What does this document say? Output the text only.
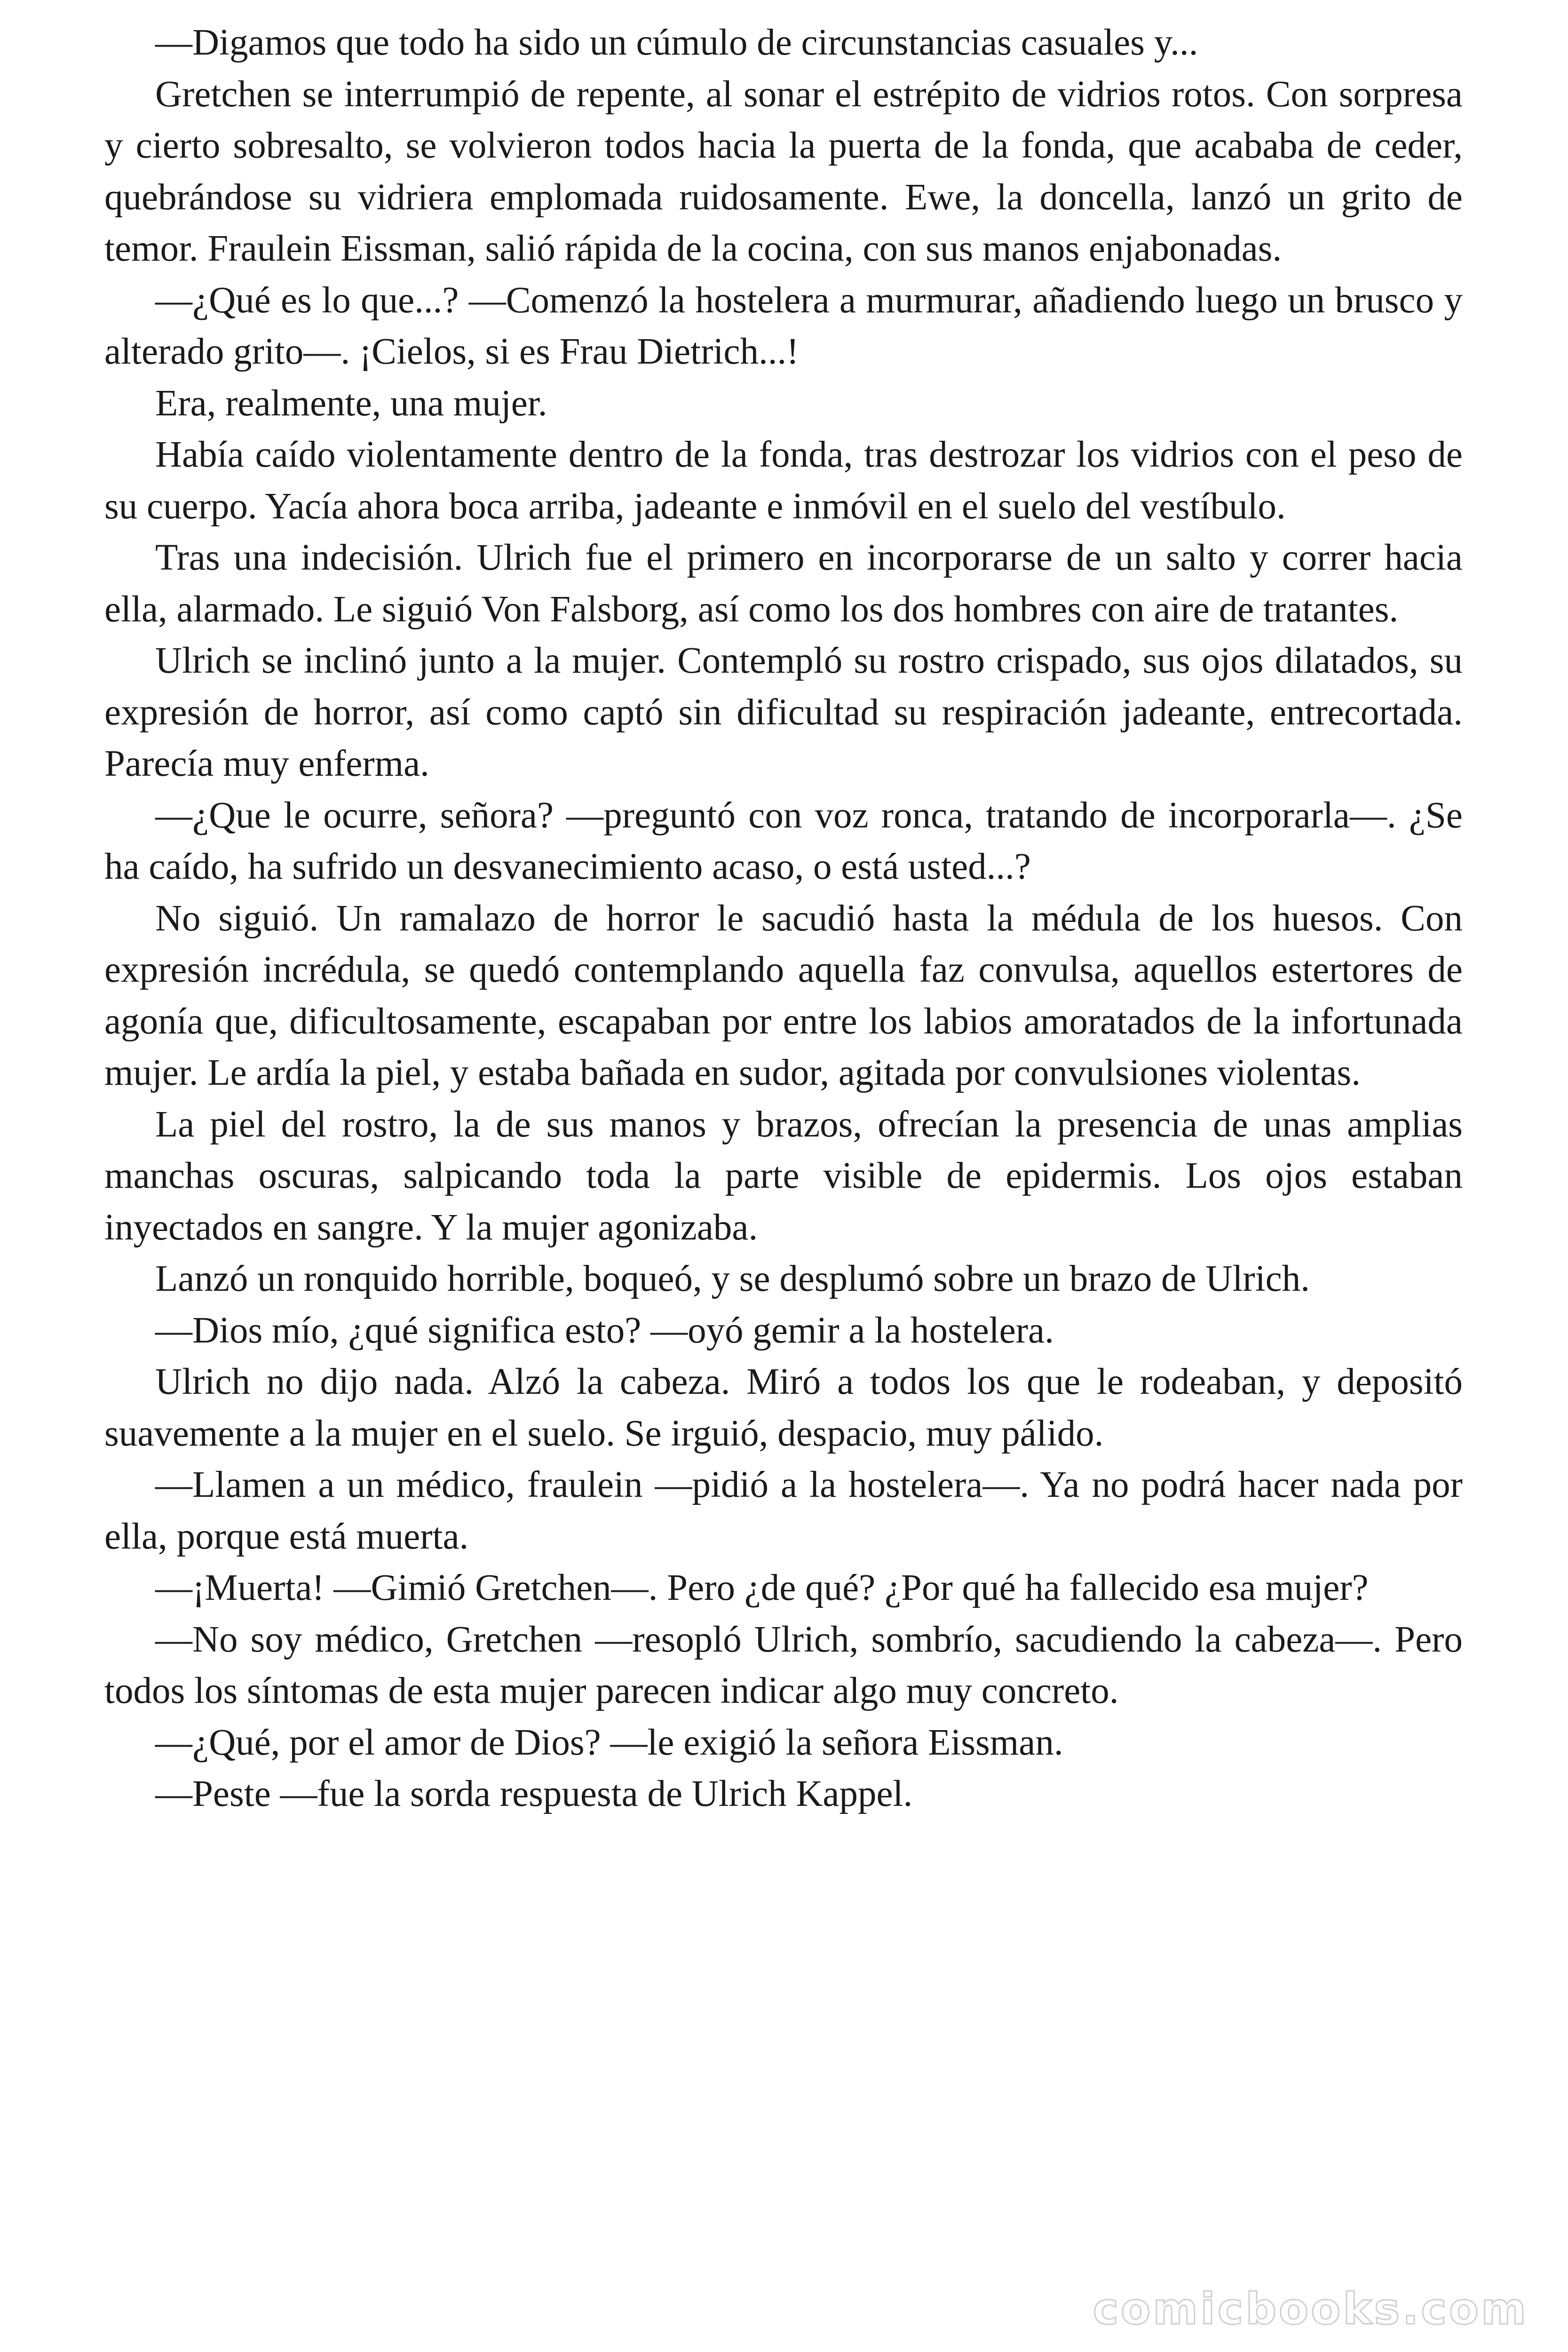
—Digamos que todo ha sido un cúmulo de circunstancias casuales y...

Gretchen se interrumpió de repente, al sonar el estrépito de vidrios rotos. Con sorpresa y cierto sobresalto, se volvieron todos hacia la puerta de la fonda, que acababa de ceder, quebrándose su vidriera emplomada ruidosamente. Ewe, la doncella, lanzó un grito de temor. Fraulein Eissman, salió rápida de la cocina, con sus manos enjabonadas.

—¿Qué es lo que...? —Comenzó la hostelera a murmurar, añadiendo luego un brusco y alterado grito—. ¡Cielos, si es Frau Dietrich...!

Era, realmente, una mujer.

Había caído violentamente dentro de la fonda, tras destrozar los vidrios con el peso de su cuerpo. Yacía ahora boca arriba, jadeante e inmóvil en el suelo del vestíbulo.

Tras una indecisión. Ulrich fue el primero en incorporarse de un salto y correr hacia ella, alarmado. Le siguió Von Falsborg, así como los dos hombres con aire de tratantes.

Ulrich se inclinó junto a la mujer. Contempló su rostro crispado, sus ojos dilatados, su expresión de horror, así como captó sin dificultad su respiración jadeante, entrecortada. Parecía muy enferma.

—¿Que le ocurre, señora? —preguntó con voz ronca, tratando de incorporarla—. ¿Se ha caído, ha sufrido un desvanecimiento acaso, o está usted...?

No siguió. Un ramalazo de horror le sacudió hasta la médula de los huesos. Con expresión incrédula, se quedó contemplando aquella faz convulsa, aquellos estertores de agonía que, dificultosamente, escapaban por entre los labios amoratados de la infortunada mujer. Le ardía la piel, y estaba bañada en sudor, agitada por convulsiones violentas.

La piel del rostro, la de sus manos y brazos, ofrecían la presencia de unas amplias manchas oscuras, salpicando toda la parte visible de epidermis. Los ojos estaban inyectados en sangre. Y la mujer agonizaba.

Lanzó un ronquido horrible, boqueó, y se desplumó sobre un brazo de Ulrich.

—Dios mío, ¿qué significa esto? —oyó gemir a la hostelera.

Ulrich no dijo nada. Alzó la cabeza. Miró a todos los que le rodeaban, y depositó suavemente a la mujer en el suelo. Se irguió, despacio, muy pálido.

—Llamen a un médico, fraulein —pidió a la hostelera—. Ya no podrá hacer nada por ella, porque está muerta.

—¡Muerta! —Gimió Gretchen—. Pero ¿de qué? ¿Por qué ha fallecido esa mujer?

—No soy médico, Gretchen —resopló Ulrich, sombrío, sacudiendo la cabeza—. Pero todos los síntomas de esta mujer parecen indicar algo muy concreto.

—¿Qué, por el amor de Dios? —le exigió la señora Eissman.

—Peste —fue la sorda respuesta de Ulrich Kappel.

comicbooks.com
